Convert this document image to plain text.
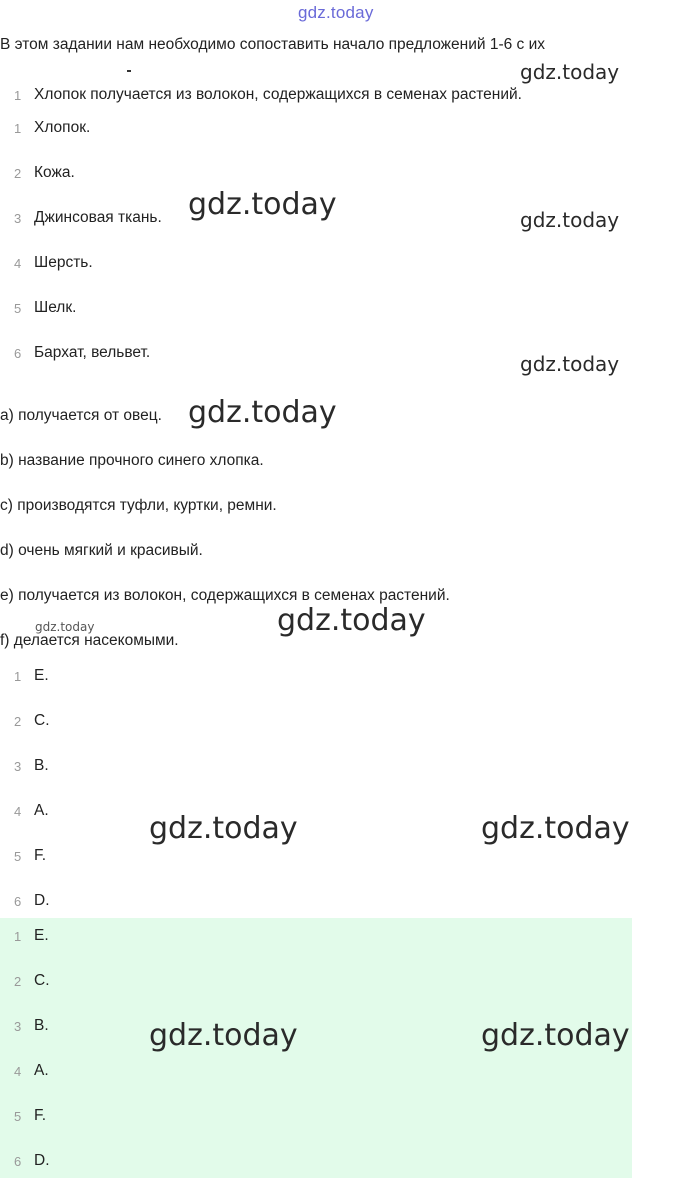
gdz.today
В этом задании нам необходимо сопоставить начало предложений 1-6 с их
1 Хлопок получается из волокон, содержащихся в семенах растений.
1 Хлопок.
2 Кожа.
3 Джинсовая ткань.
4 Шерсть.
5 Шелк.
6 Бархат, вельвет.
a) получается от овец.
b) название прочного синего хлопка.
c) производятся туфли, куртки, ремни.
d) очень мягкий и красивый.
e) получается из волокон, содержащихся в семенах растений.
f) делается насекомыми.
1 E.
2 C.
3 B.
4 A.
5 F.
6 D.
1 E.
2 C.
3 B.
4 A.
5 F.
6 D.
gdz.today
gdz.today	gdz.today
gdz.today
gdz.today
gdz.today
gdz.today
gdz.today	gdz.today
gdz.today	gdz.today
